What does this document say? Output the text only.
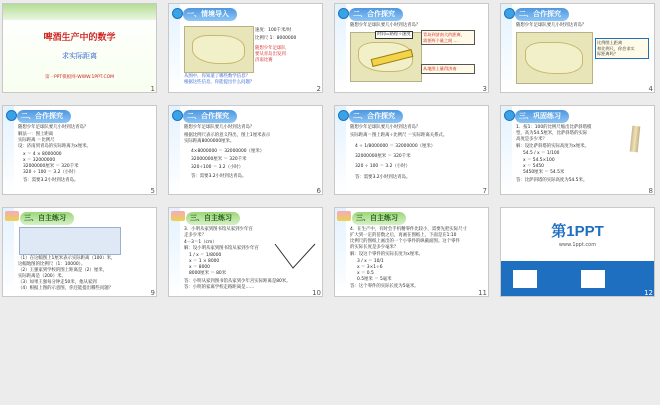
啤酒生产中的数学
求实际距离
第一PPT模板网-WWW.1PPT.COM
1
一、情境导入
速度：100千米/时
比例尺 1：8000000
随想少年足球队
要从青岛出发到
济南比赛
从图中，你知道了哪些数学信息？
根据这些信息，你能提出什么问题？
2
二、合作探究
随想少年足球队要几小时到达青岛？
青岛到济南大约距离，
需要两个量之间 …
从地图上量得济南
时间=路程÷速度
3
二、合作探究
随想少年足球队要几小时到达青岛？
比例图上距离
和比例尺，你会求实
际距离吗？
4
二、合作探究
随想少年足球队要几小时到达青岛？
解法一：图上距离
实际距离 ＝比例尺
设：济南到青岛的实际距离为x厘米。
x ＝ 4 × 8000000
x ＝ 32000000
32000000厘米 ＝ 320千米
320 ÷ 100 ＝ 3.2（小时）
答：需要3.2小时到达青岛。
5
二、合作探究
随想少年足球队要几小时到达青岛？
根据比例尺表示的意义得出，图上1厘米表示
实际距离8000000厘米。
4×8000000 ＝ 32000000（厘米）
32000000厘米 ＝ 320千米
320÷100 ＝ 3.2（小时）
答：需要3.2小时到达青岛。
6
二、合作探究
随想少年足球队要几小时到达青岛？
实际距离＝图上距离÷比例尺 ＝实际距离关系式。
4 ÷ 1/8000000 ＝ 32000000（厘米）
32000000厘米 ＝ 320千米
320 ÷ 100 ＝ 3.2（小时）
答：需要3.2小时到达青岛。
7
三、巩固练习
1．按1：100的比例尺缩出比萨斜塔模
型，高为54.5厘米，比萨斜塔的实际
高度是多少米？
解：设比萨斜塔的实际高度为x厘米。
54.5 / x ＝ 1/100
x ＝ 54.5×100
x ＝ 5450
5450厘米 ＝ 54.5米
答：比萨斜塔的实际高度为54.5米。
8
三、自主练习
（1）在这幅图上1厘米表示实际距离（100）米，
这幅地图的比例尺（1：10000）。
（2）王强家到学校的图上距离是（2）厘米，
实际距离是（200）米。
（3）如果王强每分钟走50米，他从家到
（4）根据上图的示意图，你还能提出哪些问题？
9
三、自主练习
3．小明从家到图书馆从家到少年宫
走多少米？
4－3＝1（cm）
解：设小明从家到图书馆从家到少年宫
1 / x ＝ 1/8000
x ＝ 1 × 8000
x ＝ 8000
8000厘米 ＝ 80米
答：小明从家到图书馆从家到少年宫实际距离是80米。
答：小明的家离学校走路距离是……
10
三、自主练习
4．在生产中，有时会手机精零件比较小，需要先把实际尺寸
扩大到一定的倍数之后，再画在图纸上，下面是在1:10
比例尺的图纸上画出的一个小零件的纵截面图。这个零件
的实际长度是多少毫米？
解：设这个零件的实际长度为x厘米。
3 / x ＝ 10/1
x ＝ 3×1÷6
x ＝ 0.5
0.5厘米 ＝ 5毫米
答：这个零件的实际长度为5毫米。
11
第1PPT
www.1ppt.com
12
